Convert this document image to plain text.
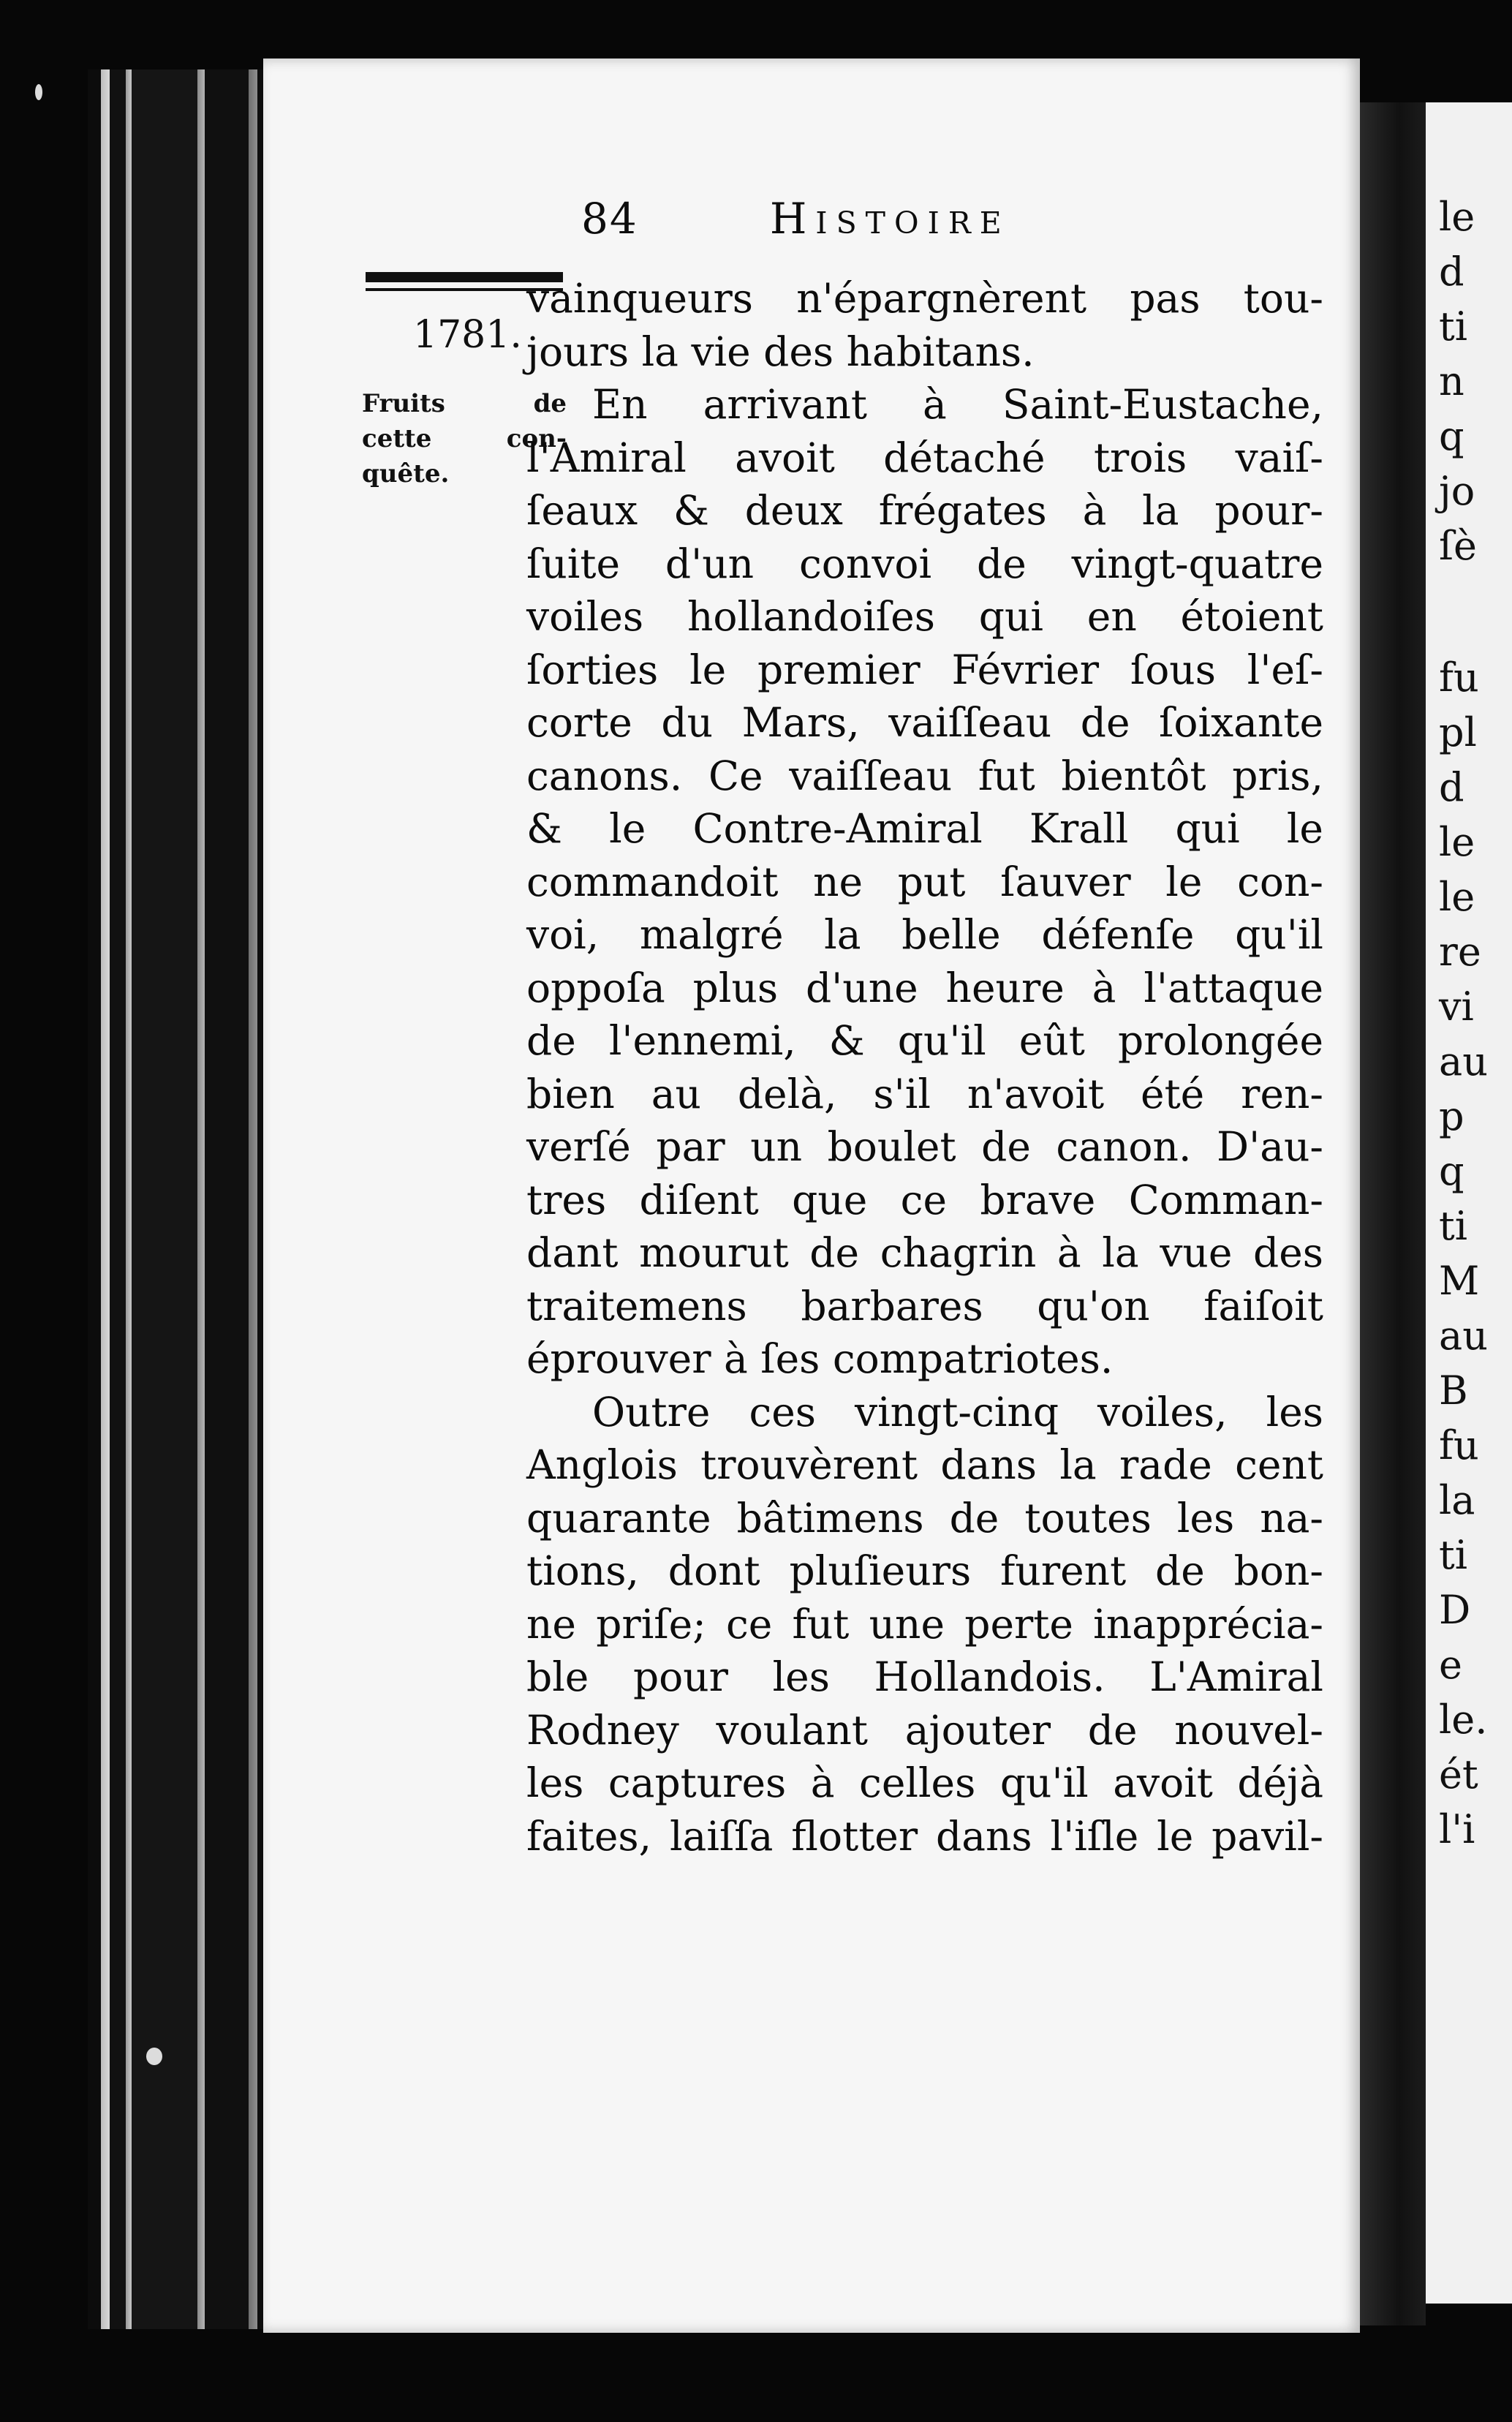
le
d
ti
n
q
jo
ſè
fu
pl
d
le
le
re
vi
au
p
q
ti
M
au
B
fu
la
ti
D
e
le.
ét
l'i
84	Histoire
1781.
Fruits de
cette con-
quête.
vainqueurs n'épargnèrent pas tou-
jours la vie des habitans.
En arrivant à Saint-Eustache,
l'Amiral avoit détaché trois vaiſ-
ſeaux & deux frégates à la pour-
ſuite d'un convoi de vingt-quatre
voiles hollandoiſes qui en étoient
ſorties le premier Février ſous l'eſ-
corte du Mars, vaiſſeau de ſoixante
canons. Ce vaiſſeau fut bientôt pris,
& le Contre-Amiral Krall qui le
commandoit ne put ſauver le con-
voi, malgré la belle défenſe qu'il
oppoſa plus d'une heure à l'attaque
de l'ennemi, & qu'il eût prolongée
bien au delà, s'il n'avoit été ren-
verſé par un boulet de canon. D'au-
tres diſent que ce brave Comman-
dant mourut de chagrin à la vue des
traitemens barbares qu'on faiſoit
éprouver à ſes compatriotes.
Outre ces vingt-cinq voiles, les
Anglois trouvèrent dans la rade cent
quarante bâtimens de toutes les na-
tions, dont pluſieurs furent de bon-
ne priſe; ce fut une perte inapprécia-
ble pour les Hollandois. L'Amiral
Rodney voulant ajouter de nouvel-
les captures à celles qu'il avoit déjà
faites, laiſſa flotter dans l'iſle le pavil-
